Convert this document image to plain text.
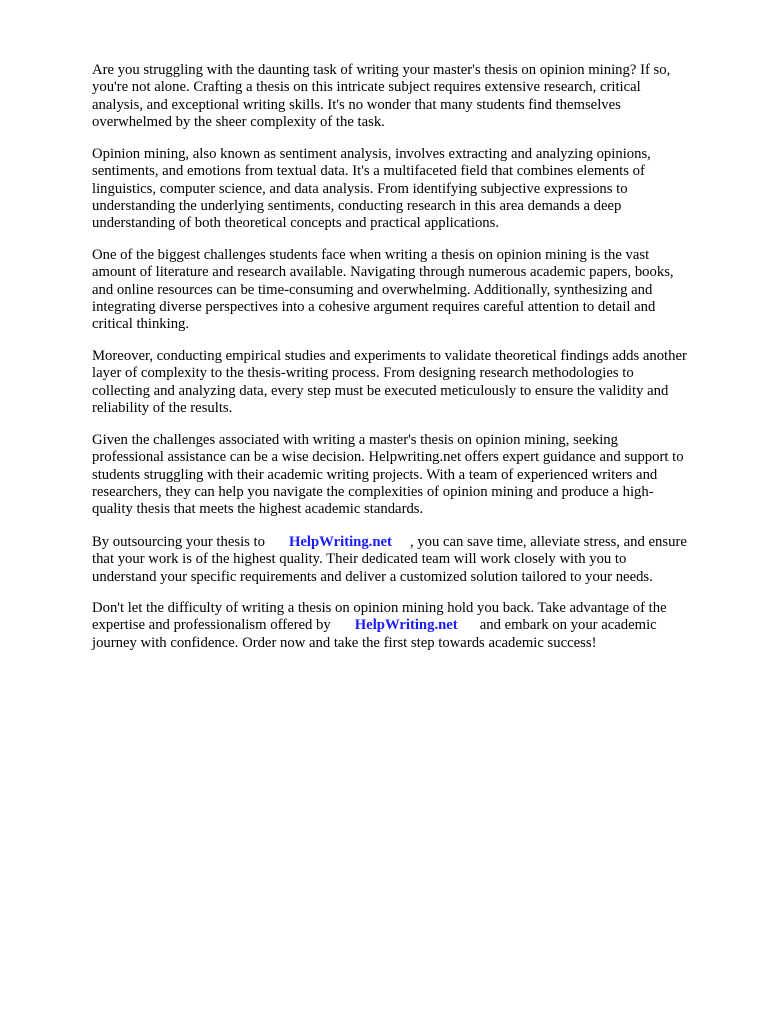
Are you struggling with the daunting task of writing your master's thesis on opinion mining? If so,
you're not alone. Crafting a thesis on this intricate subject requires extensive research, critical
analysis, and exceptional writing skills. It's no wonder that many students find themselves
overwhelmed by the sheer complexity of the task.

Opinion mining, also known as sentiment analysis, involves extracting and analyzing opinions,
sentiments, and emotions from textual data. It's a multifaceted field that combines elements of
linguistics, computer science, and data analysis. From identifying subjective expressions to
understanding the underlying sentiments, conducting research in this area demands a deep
understanding of both theoretical concepts and practical applications.

One of the biggest challenges students face when writing a thesis on opinion mining is the vast
amount of literature and research available. Navigating through numerous academic papers, books,
and online resources can be time-consuming and overwhelming. Additionally, synthesizing and
integrating diverse perspectives into a cohesive argument requires careful attention to detail and
critical thinking.

Moreover, conducting empirical studies and experiments to validate theoretical findings adds another
layer of complexity to the thesis-writing process. From designing research methodologies to
collecting and analyzing data, every step must be executed meticulously to ensure the validity and
reliability of the results.

Given the challenges associated with writing a master's thesis on opinion mining, seeking
professional assistance can be a wise decision. Helpwriting.net offers expert guidance and support to
students struggling with their academic writing projects. With a team of experienced writers and
researchers, they can help you navigate the complexities of opinion mining and produce a high-
quality thesis that meets the highest academic standards.

By outsourcing your thesis to HelpWriting.net , you can save time, alleviate stress, and ensure
that your work is of the highest quality. Their dedicated team will work closely with you to
understand your specific requirements and deliver a customized solution tailored to your needs.

Don't let the difficulty of writing a thesis on opinion mining hold you back. Take advantage of the
expertise and professionalism offered by HelpWriting.net and embark on your academic
journey with confidence. Order now and take the first step towards academic success!
